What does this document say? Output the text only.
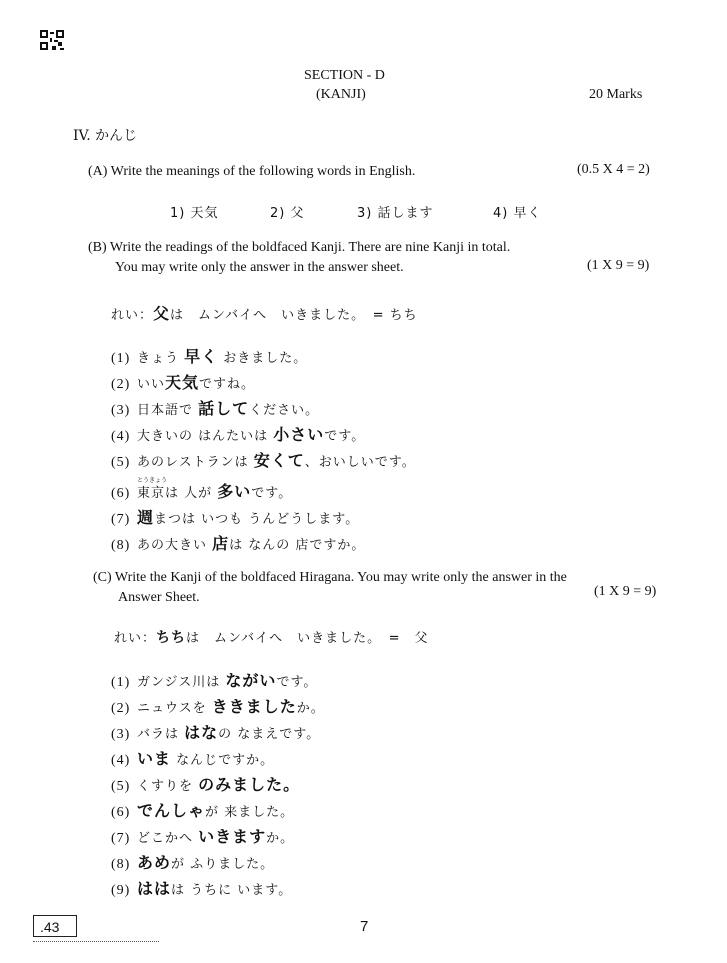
SECTION - D
(KANJI)	20 Marks
IV. かんじ
(A) Write the meanings of the following words in English.	(0.5 X 4 = 2)
1) 天気	2) 父	3) 話します	4) 早く
(B) Write the readings of the boldfaced Kanji. There are nine Kanji in total.
You may write only the answer in the answer sheet.	(1 X 9 = 9)
れい：父は　ムンバイへ　いきました。　= ちち
(1) きょう 早く おきました。
(2) いい天気ですね。
(3) 日本語で 話してください。
(4) 大きいの はんたいは 小さいです。
(5) あのレストランは 安くて、おいしいです。
(6)
とうきょう
東京は 人が 多いです。
(7) 週まつは いつも うんどうします。
(8) あの大きい 店は なんの 店ですか。
(C) Write the Kanji of the boldfaced Hiragana. You may write only the answer in the
Answer Sheet.	(1 X 9 = 9)
れい：ちちは　ムンバイへ　いきました。　=　父
(1) ガンジス川は ながいです。
(2) ニュウスを ききましたか。
(3) バラは はなの なまえです。
(4) いま なんじですか。
(5) くすりを のみました。
(6) でんしゃが 来ました。
(7) どこかへ いきますか。
(8) あめが ふりました。
(9) ははは うちに います。
.43	7
